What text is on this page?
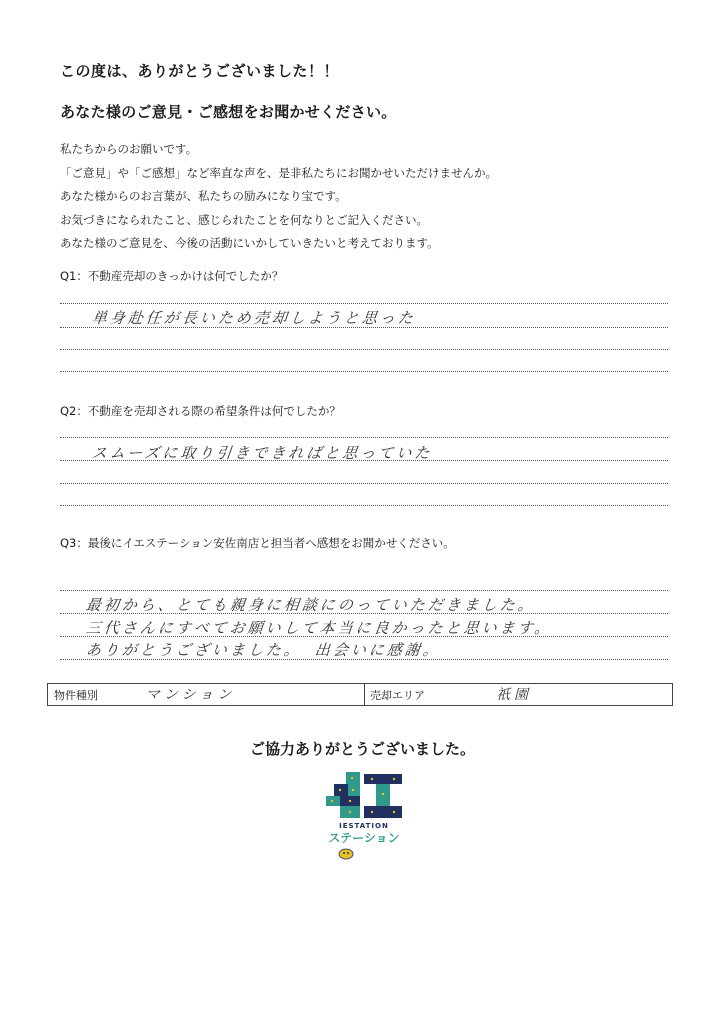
この度は、ありがとうございました！！
あなた様のご意見・ご感想をお聞かせください。
私たちからのお願いです。
「ご意見」や「ご感想」など率直な声を、是非私たちにお聞かせいただけませんか。
あなた様からのお言葉が、私たちの励みになり宝です。
お気づきになられたこと、感じられたことを何なりとご記入ください。
あなた様のご意見を、今後の活動にいかしていきたいと考えております。
Q1：不動産売却のきっかけは何でしたか？
単身赴任が長いため売却しようと思った
Q2：不動産を売却される際の希望条件は何でしたか？
スムーズに取り引きできればと思っていた
Q3：最後にイエステーション安佐南店と担当者へ感想をお聞かせください。
最初から、とても親身に相談にのっていただきました。
三代さんにすべてお願いして本当に良かったと思います。
ありがとうございました。 出会いに感謝。
物件種別	マンション	売却エリア	祇園
ご協力ありがとうございました。
IESTATION
ステーション
